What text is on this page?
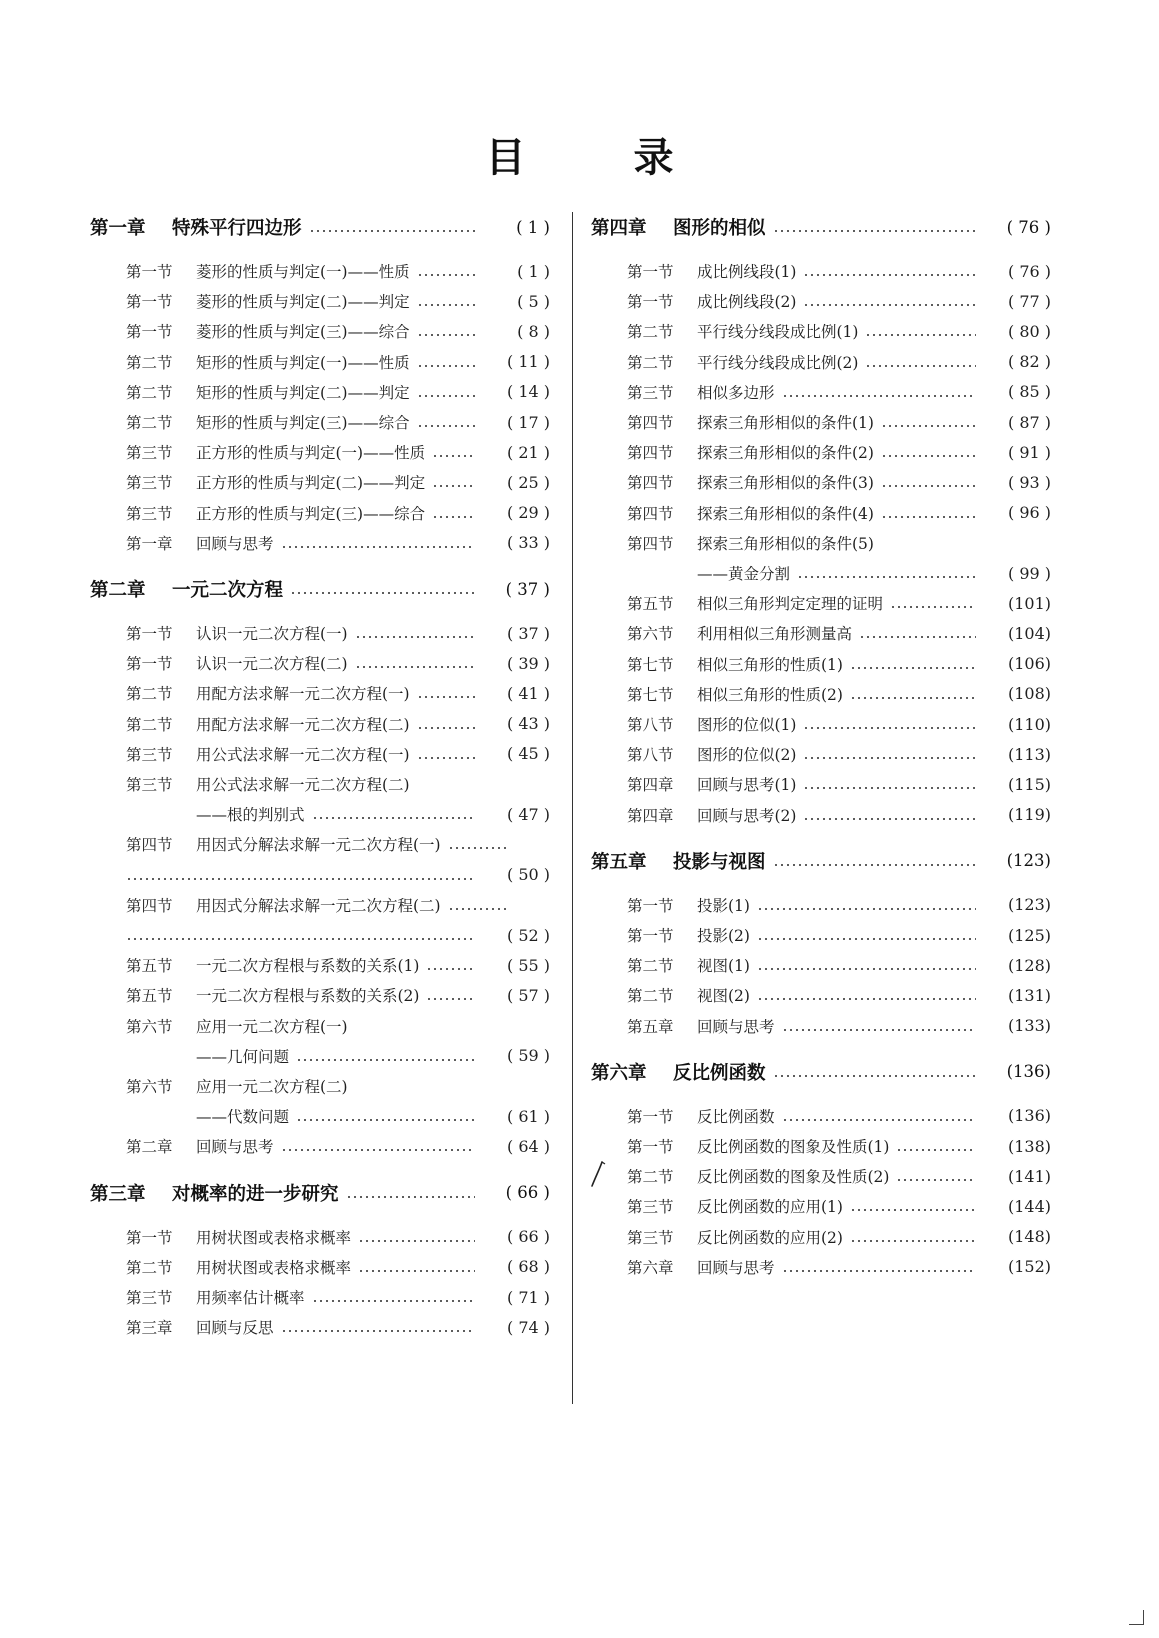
目	录
第一章	特殊平行四边形	( 1 )
第一节	菱形的性质与判定(一)——性质	( 1 )
第一节	菱形的性质与判定(二)——判定	( 5 )
第一节	菱形的性质与判定(三)——综合	( 8 )
第二节	矩形的性质与判定(一)——性质	( 11 )
第二节	矩形的性质与判定(二)——判定	( 14 )
第二节	矩形的性质与判定(三)——综合	( 17 )
第三节	正方形的性质与判定(一)——性质	( 21 )
第三节	正方形的性质与判定(二)——判定	( 25 )
第三节	正方形的性质与判定(三)——综合	( 29 )
第一章	回顾与思考	( 33 )
第二章	一元二次方程	( 37 )
第一节	认识一元二次方程(一)	( 37 )
第一节	认识一元二次方程(二)	( 39 )
第二节	用配方法求解一元二次方程(一)	( 41 )
第二节	用配方法求解一元二次方程(二)	( 43 )
第三节	用公式法求解一元二次方程(一)	( 45 )
第三节	用公式法求解一元二次方程(二)
——根的判别式	( 47 )
第四节	用因式分解法求解一元二次方程(一)
( 50 )
第四节	用因式分解法求解一元二次方程(二)
( 52 )
第五节	一元二次方程根与系数的关系(1)	( 55 )
第五节	一元二次方程根与系数的关系(2)	( 57 )
第六节	应用一元二次方程(一)
——几何问题	( 59 )
第六节	应用一元二次方程(二)
——代数问题	( 61 )
第二章	回顾与思考	( 64 )
第三章	对概率的进一步研究	( 66 )
第一节	用树状图或表格求概率	( 66 )
第二节	用树状图或表格求概率	( 68 )
第三节	用频率估计概率	( 71 )
第三章	回顾与反思	( 74 )
第四章	图形的相似	( 76 )
第一节	成比例线段(1)	( 76 )
第一节	成比例线段(2)	( 77 )
第二节	平行线分线段成比例(1)	( 80 )
第二节	平行线分线段成比例(2)	( 82 )
第三节	相似多边形	( 85 )
第四节	探索三角形相似的条件(1)	( 87 )
第四节	探索三角形相似的条件(2)	( 91 )
第四节	探索三角形相似的条件(3)	( 93 )
第四节	探索三角形相似的条件(4)	( 96 )
第四节	探索三角形相似的条件(5)
——黄金分割	( 99 )
第五节	相似三角形判定定理的证明	(101)
第六节	利用相似三角形测量高	(104)
第七节	相似三角形的性质(1)	(106)
第七节	相似三角形的性质(2)	(108)
第八节	图形的位似(1)	(110)
第八节	图形的位似(2)	(113)
第四章	回顾与思考(1)	(115)
第四章	回顾与思考(2)	(119)
第五章	投影与视图	(123)
第一节	投影(1)	(123)
第一节	投影(2)	(125)
第二节	视图(1)	(128)
第二节	视图(2)	(131)
第五章	回顾与思考	(133)
第六章	反比例函数	(136)
第一节	反比例函数	(136)
第一节	反比例函数的图象及性质(1)	(138)
第二节	反比例函数的图象及性质(2)	(141)
第三节	反比例函数的应用(1)	(144)
第三节	反比例函数的应用(2)	(148)
第六章	回顾与思考	(152)
